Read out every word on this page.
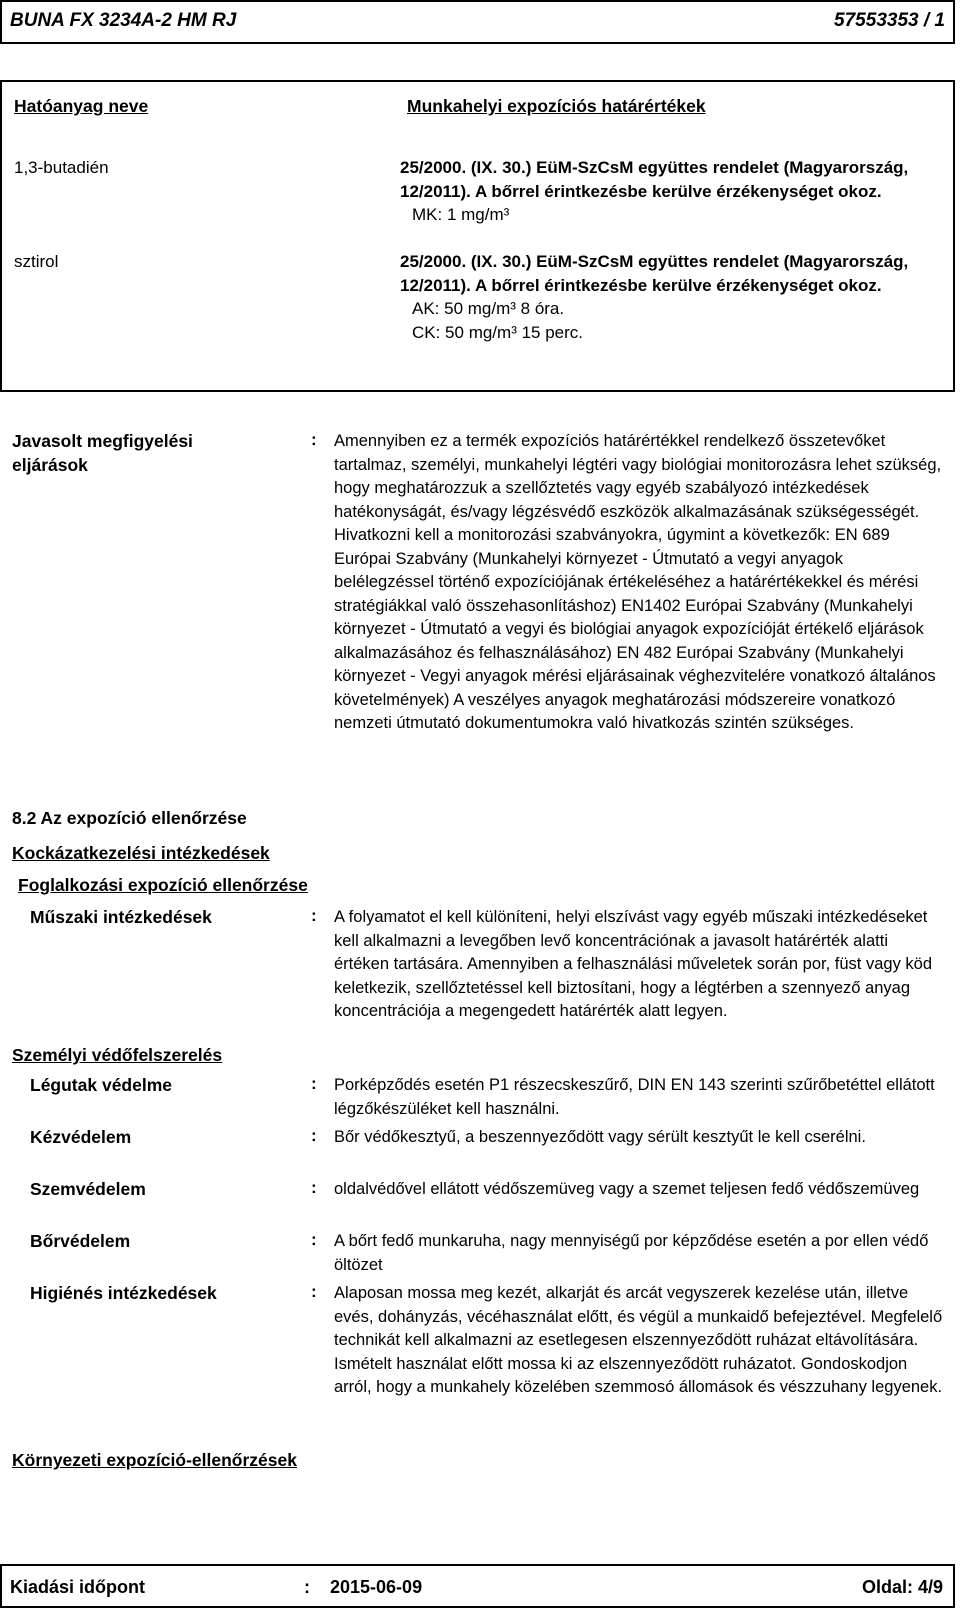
BUNA FX 3234A-2 HM RJ	57553353 / 1
Hatóanyag neve	Munkahelyi expozíciós határértékek
1,3-butadién	25/2000. (IX. 30.) EüM-SzCsM együttes rendelet (Magyarország, 12/2011). A bőrrel érintkezésbe kerülve érzékenységet okoz.
MK: 1 mg/m³
sztirol	25/2000. (IX. 30.) EüM-SzCsM együttes rendelet (Magyarország, 12/2011). A bőrrel érintkezésbe kerülve érzékenységet okoz.
AK: 50 mg/m³ 8 óra.
CK: 50 mg/m³ 15 perc.
Javasolt megfigyelési
eljárások
: Amennyiben ez a termék expozíciós határértékkel rendelkező összetevőket tartalmaz, személyi, munkahelyi légtéri vagy biológiai monitorozásra lehet szükség, hogy meghatározzuk a szellőztetés vagy egyéb szabályozó intézkedések hatékonyságát, és/vagy légzésvédő eszközök alkalmazásának szükségességét. Hivatkozni kell a monitorozási szabványokra, úgymint a következők: EN 689 Európai Szabvány (Munkahelyi környezet - Útmutató a vegyi anyagok belélegzéssel történő expozíciójának értékeléséhez a határértékekkel és mérési stratégiákkal való összehasonlításhoz) EN1402 Európai Szabvány (Munkahelyi környezet - Útmutató a vegyi és biológiai anyagok expozícióját értékelő eljárások alkalmazásához és felhasználásához) EN 482 Európai Szabvány (Munkahelyi környezet - Vegyi anyagok mérési eljárásainak véghezvitelére vonatkozó általános követelmények) A veszélyes anyagok meghatározási módszereire vonatkozó nemzeti útmutató dokumentumokra való hivatkozás szintén szükséges.
8.2 Az expozíció ellenőrzése
Kockázatkezelési intézkedések
Foglalkozási expozíció ellenőrzése
Műszaki intézkedések	: A folyamatot el kell különíteni, helyi elszívást vagy egyéb műszaki intézkedéseket kell alkalmazni a levegőben levő koncentrációnak a javasolt határérték alatti értéken tartására. Amennyiben a felhasználási műveletek során por, füst vagy köd keletkezik, szellőztetéssel kell biztosítani, hogy a légtérben a szennyező anyag koncentrációja a megengedett határérték alatt legyen.
Személyi védőfelszerelés
Légutak védelme	: Porképződés esetén P1 részecskeszűrő, DIN EN 143 szerinti szűrőbetéttel ellátott légzőkészüléket kell használni.
Kézvédelem	: Bőr védőkesztyű, a beszennyeződött vagy sérült kesztyűt le kell cserélni.
Szemvédelem	: oldalvédővel ellátott védőszemüveg vagy a szemet teljesen fedő védőszemüveg
Bőrvédelem	: A bőrt fedő munkaruha, nagy mennyiségű por képződése esetén a por ellen védő öltözet
Higiénés intézkedések	: Alaposan mossa meg kezét, alkarját és arcát vegyszerek kezelése után, illetve evés, dohányzás, vécéhasználat előtt, és végül a munkaidő befejeztével. Megfelelő technikát kell alkalmazni az esetlegesen elszennyeződött ruházat eltávolítására. Ismételt használat előtt mossa ki az elszennyeződött ruházatot. Gondoskodjon arról, hogy a munkahely közelében szemmosó állomások és vészzuhany legyenek.
Környezeti expozíció-ellenőrzések
Kiadási időpont	: 2015-06-09	Oldal: 4/9
